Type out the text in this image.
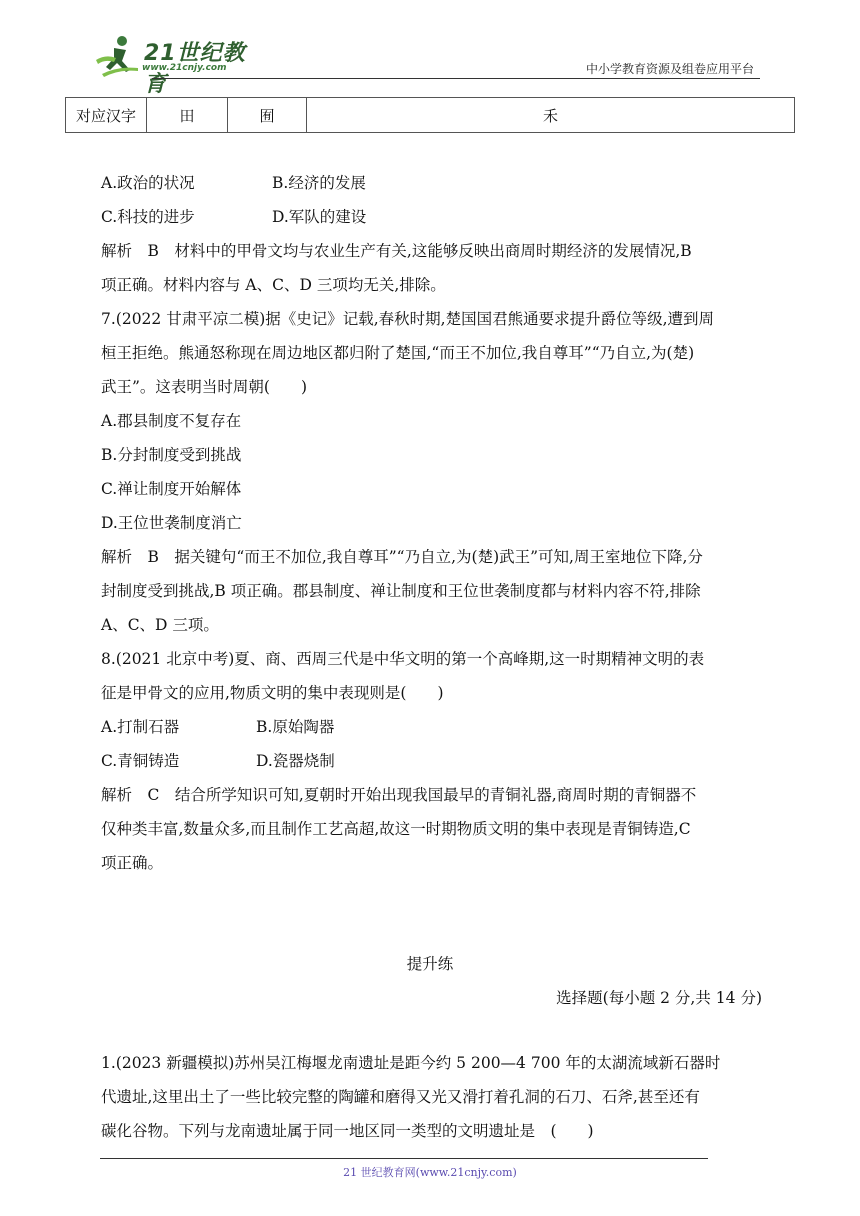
21世纪教育
www.21cnjy.com	中小学教育资源及组卷应用平台
对应汉字	田	囿	禾

A.政治的状况	B.经济的发展

C.科技的进步	D.军队的建设

解析　B　材料中的甲骨文均与农业生产有关,这能够反映出商周时期经济的发展情况,B

项正确。材料内容与 A、C、D 三项均无关,排除。

7.(2022 甘肃平凉二模)据《史记》记载,春秋时期,楚国国君熊通要求提升爵位等级,遭到周

桓王拒绝。熊通怒称现在周边地区都归附了楚国,“而王不加位,我自尊耳”“乃自立,为(楚)

武王”。这表明当时周朝(　　)

A.郡县制度不复存在

B.分封制度受到挑战

C.禅让制度开始解体

D.王位世袭制度消亡

解析　B　据关键句“而王不加位,我自尊耳”“乃自立,为(楚)武王”可知,周王室地位下降,分

封制度受到挑战,B 项正确。郡县制度、禅让制度和王位世袭制度都与材料内容不符,排除

A、C、D 三项。

8.(2021 北京中考)夏、商、西周三代是中华文明的第一个高峰期,这一时期精神文明的表

征是甲骨文的应用,物质文明的集中表现则是(　　)

A.打制石器	B.原始陶器

C.青铜铸造	D.瓷器烧制

解析　C　结合所学知识可知,夏朝时开始出现我国最早的青铜礼器,商周时期的青铜器不

仅种类丰富,数量众多,而且制作工艺高超,故这一时期物质文明的集中表现是青铜铸造,C

项正确。

提升练
选择题(每小题 2 分,共 14 分)

1.(2023 新疆模拟)苏州吴江梅堰龙南遗址是距今约 5 200—4 700 年的太湖流域新石器时

代遗址,这里出土了一些比较完整的陶罐和磨得又光又滑打着孔洞的石刀、石斧,甚至还有

碳化谷物。下列与龙南遗址属于同一地区同一类型的文明遗址是　(　　)

21 世纪教育网(www.21cnjy.com)
